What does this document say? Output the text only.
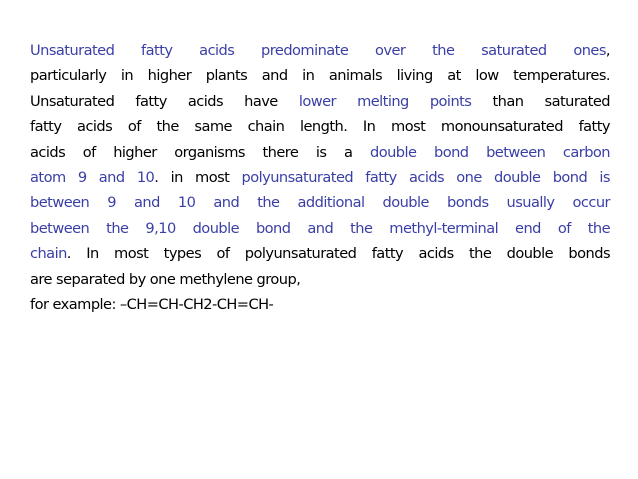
Unsaturated fatty acids predominate over the saturated ones,
particularly in higher plants and in animals living at low temperatures.
Unsaturated fatty acids have lower melting points than saturated
fatty acids of the same chain length. In most monounsaturated fatty
acids of higher organisms there is a double bond between carbon
atom 9 and 10. in most polyunsaturated fatty acids one double bond is
between 9 and 10 and the additional double bonds usually occur
between the 9,10 double bond and the methyl-terminal end of the
chain. In most types of polyunsaturated fatty acids the double bonds
are separated by one methylene group,
for example: –CH=CH-CH2-CH=CH-
